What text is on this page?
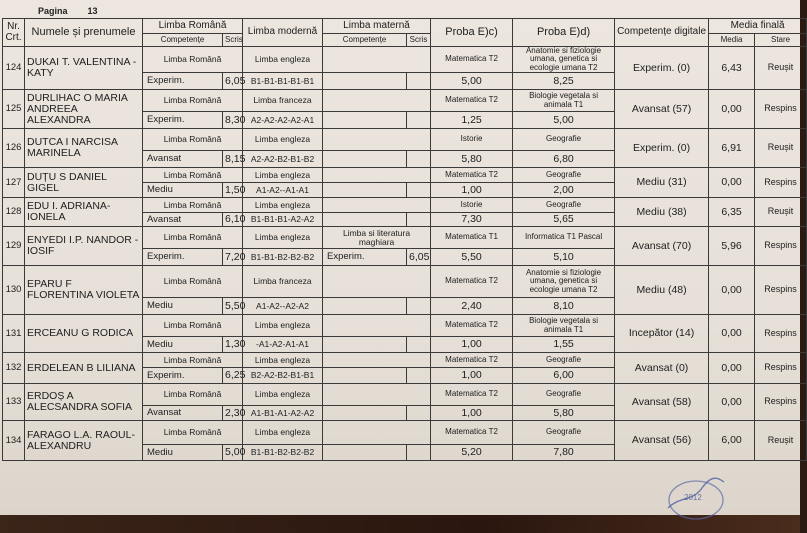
Pagina 13
Nr. Crt.	Numele și prenumele	Limba Română		Limba modernă	Limba maternă		Proba E)c)	Proba E)d)	Competențe digitale	Media finală	
		Competențe	Scris		Competențe	Scris				Media	Stare
124	DUKAI T. VALENTINA - KATY	Limba Română		Limba engleza			Matematica T2	Anatomie si fiziologie umana, genetica si ecologie umana T2	Experim. (0)	6,43	Reușit
		Experim.	6,05	B1-B1-B1-B1-B1			5,00	8,25			
125	DURLIHAC O MARIA ANDREEA ALEXANDRA	Limba Română		Limba franceza			Matematica T2	Biologie vegetala si animala T1	Avansat (57)	0,00	Respins
		Experim.	8,30	A2-A2-A2-A2-A1			1,25	5,00			
126	DUTCA I NARCISA MARINELA	Limba Română		Limba engleza			Istorie	Geografie	Experim. (0)	6,91	Reușit
		Avansat	8,15	A2-A2-B2-B1-B2			5,80	6,80			
127	DUȚU S DANIEL GIGEL	Limba Română		Limba engleza			Matematica T2	Geografie	Mediu (31)	0,00	Respins
		Mediu	1,50	A1-A2--A1-A1			1,00	2,00			
128	EDU I. ADRIANA-IONELA	Limba Română		Limba engleza			Istorie	Geografie	Mediu (38)	6,35	Reușit
		Avansat	6,10	B1-B1-B1-A2-A2			7,30	5,65			
129	ENYEDI I.P. NANDOR -IOSIF	Limba Română		Limba engleza	Limba si literatura maghiara		Matematica T1	Informatica T1 Pascal	Avansat (70)	5,96	Respins
		Experim.	7,20	B1-B1-B2-B2-B2	Experim.	6,05	5,50	5,10			
130	EPARU F FLORENTINA VIOLETA	Limba Română		Limba franceza			Matematica T2	Anatomie si fiziologie umana, genetica si ecologie umana T2	Mediu (48)	0,00	Respins
		Mediu	5,50	A1-A2--A2-A2			2,40	8,10			
131	ERCEANU G RODICA	Limba Română		Limba engleza			Matematica T2	Biologie vegetala si animala T1	Incepător (14)	0,00	Respins
		Mediu	1,30	-A1-A2-A1-A1			1,00	1,55			
132	ERDELEAN B LILIANA	Limba Română		Limba engleza			Matematica T2	Geografie	Avansat (0)	0,00	Respins
		Experim.	6,25	B2-A2-B2-B1-B1			1,00	6,00			
133	ERDOȘ A ALECSANDRA SOFIA	Limba Română		Limba engleza			Matematica T2	Geografie	Avansat (58)	0,00	Respins
		Avansat	2,30	A1-B1-A1-A2-A2			1,00	5,80			
134	FARAGO L.A. RAOUL-ALEXANDRU	Limba Română		Limba engleza			Matematica T2	Geografie	Avansat (56)	6,00	Reușit
		Mediu	5,00	B1-B1-B2-B2-B2			5,20	7,80			
2012
